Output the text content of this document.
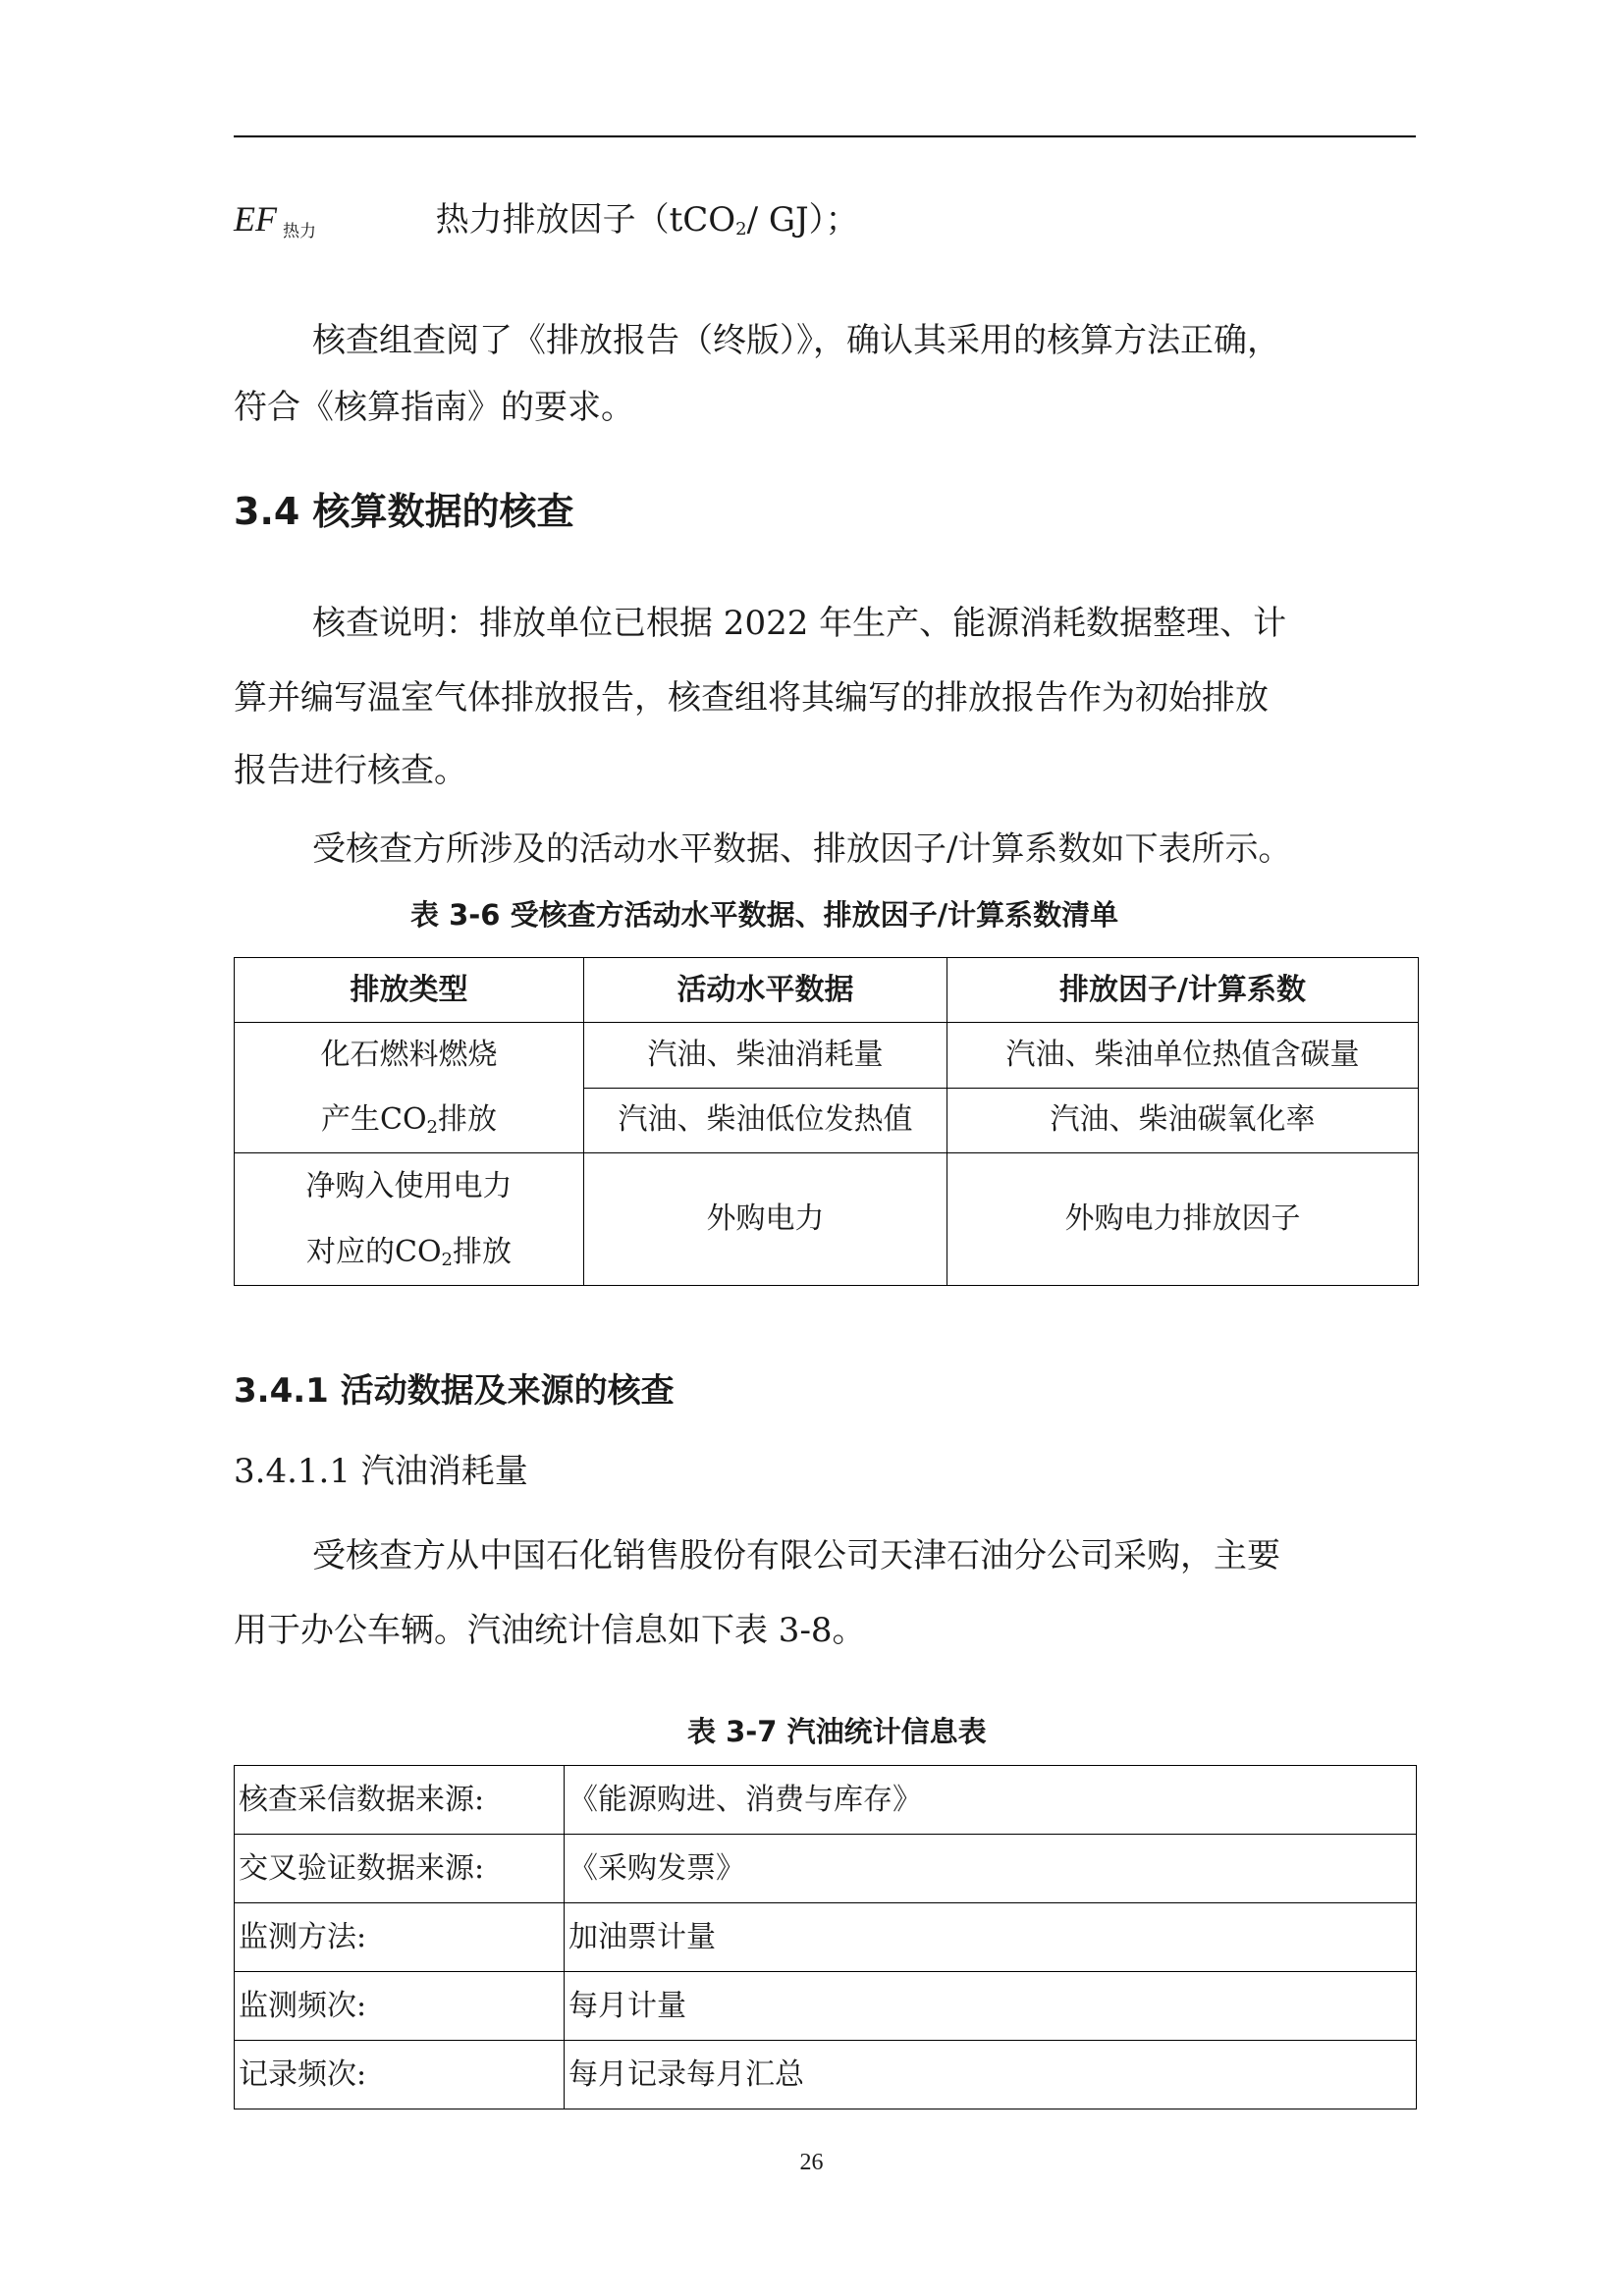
EF 热力	热力排放因子（tCO$_2$/ GJ）；
核查组查阅了《排放报告（终版）》，确认其采用的核算方法正确，
符合《核算指南》的要求。
3.4 核算数据的核查
核查说明：排放单位已根据 2022 年生产、能源消耗数据整理、计
算并编写温室气体排放报告，核查组将其编写的排放报告作为初始排放
报告进行核查。
受核查方所涉及的活动水平数据、排放因子/计算系数如下表所示。
表 3-6 受核查方活动水平数据、排放因子/计算系数清单
排放类型	活动水平数据	排放因子/计算系数

化石燃料燃烧
产生$CO_2$排放	汽油、柴油消耗量	汽油、柴油单位热值含碳量
	汽油、柴油低位发热值	汽油、柴油碳氧化率

净购入使用电力
对应的$CO_2$排放	外购电力	外购电力排放因子
3.4.1 活动数据及来源的核查
3.4.1.1 汽油消耗量
受核查方从中国石化销售股份有限公司天津石油分公司采购，主要
用于办公车辆。汽油统计信息如下表 3-8。
表 3-7 汽油统计信息表
核查采信数据来源:	《能源购进、消费与库存》
交叉验证数据来源:	《采购发票》
监测方法:	加油票计量
监测频次:	每月计量
记录频次:	每月记录每月汇总
26
